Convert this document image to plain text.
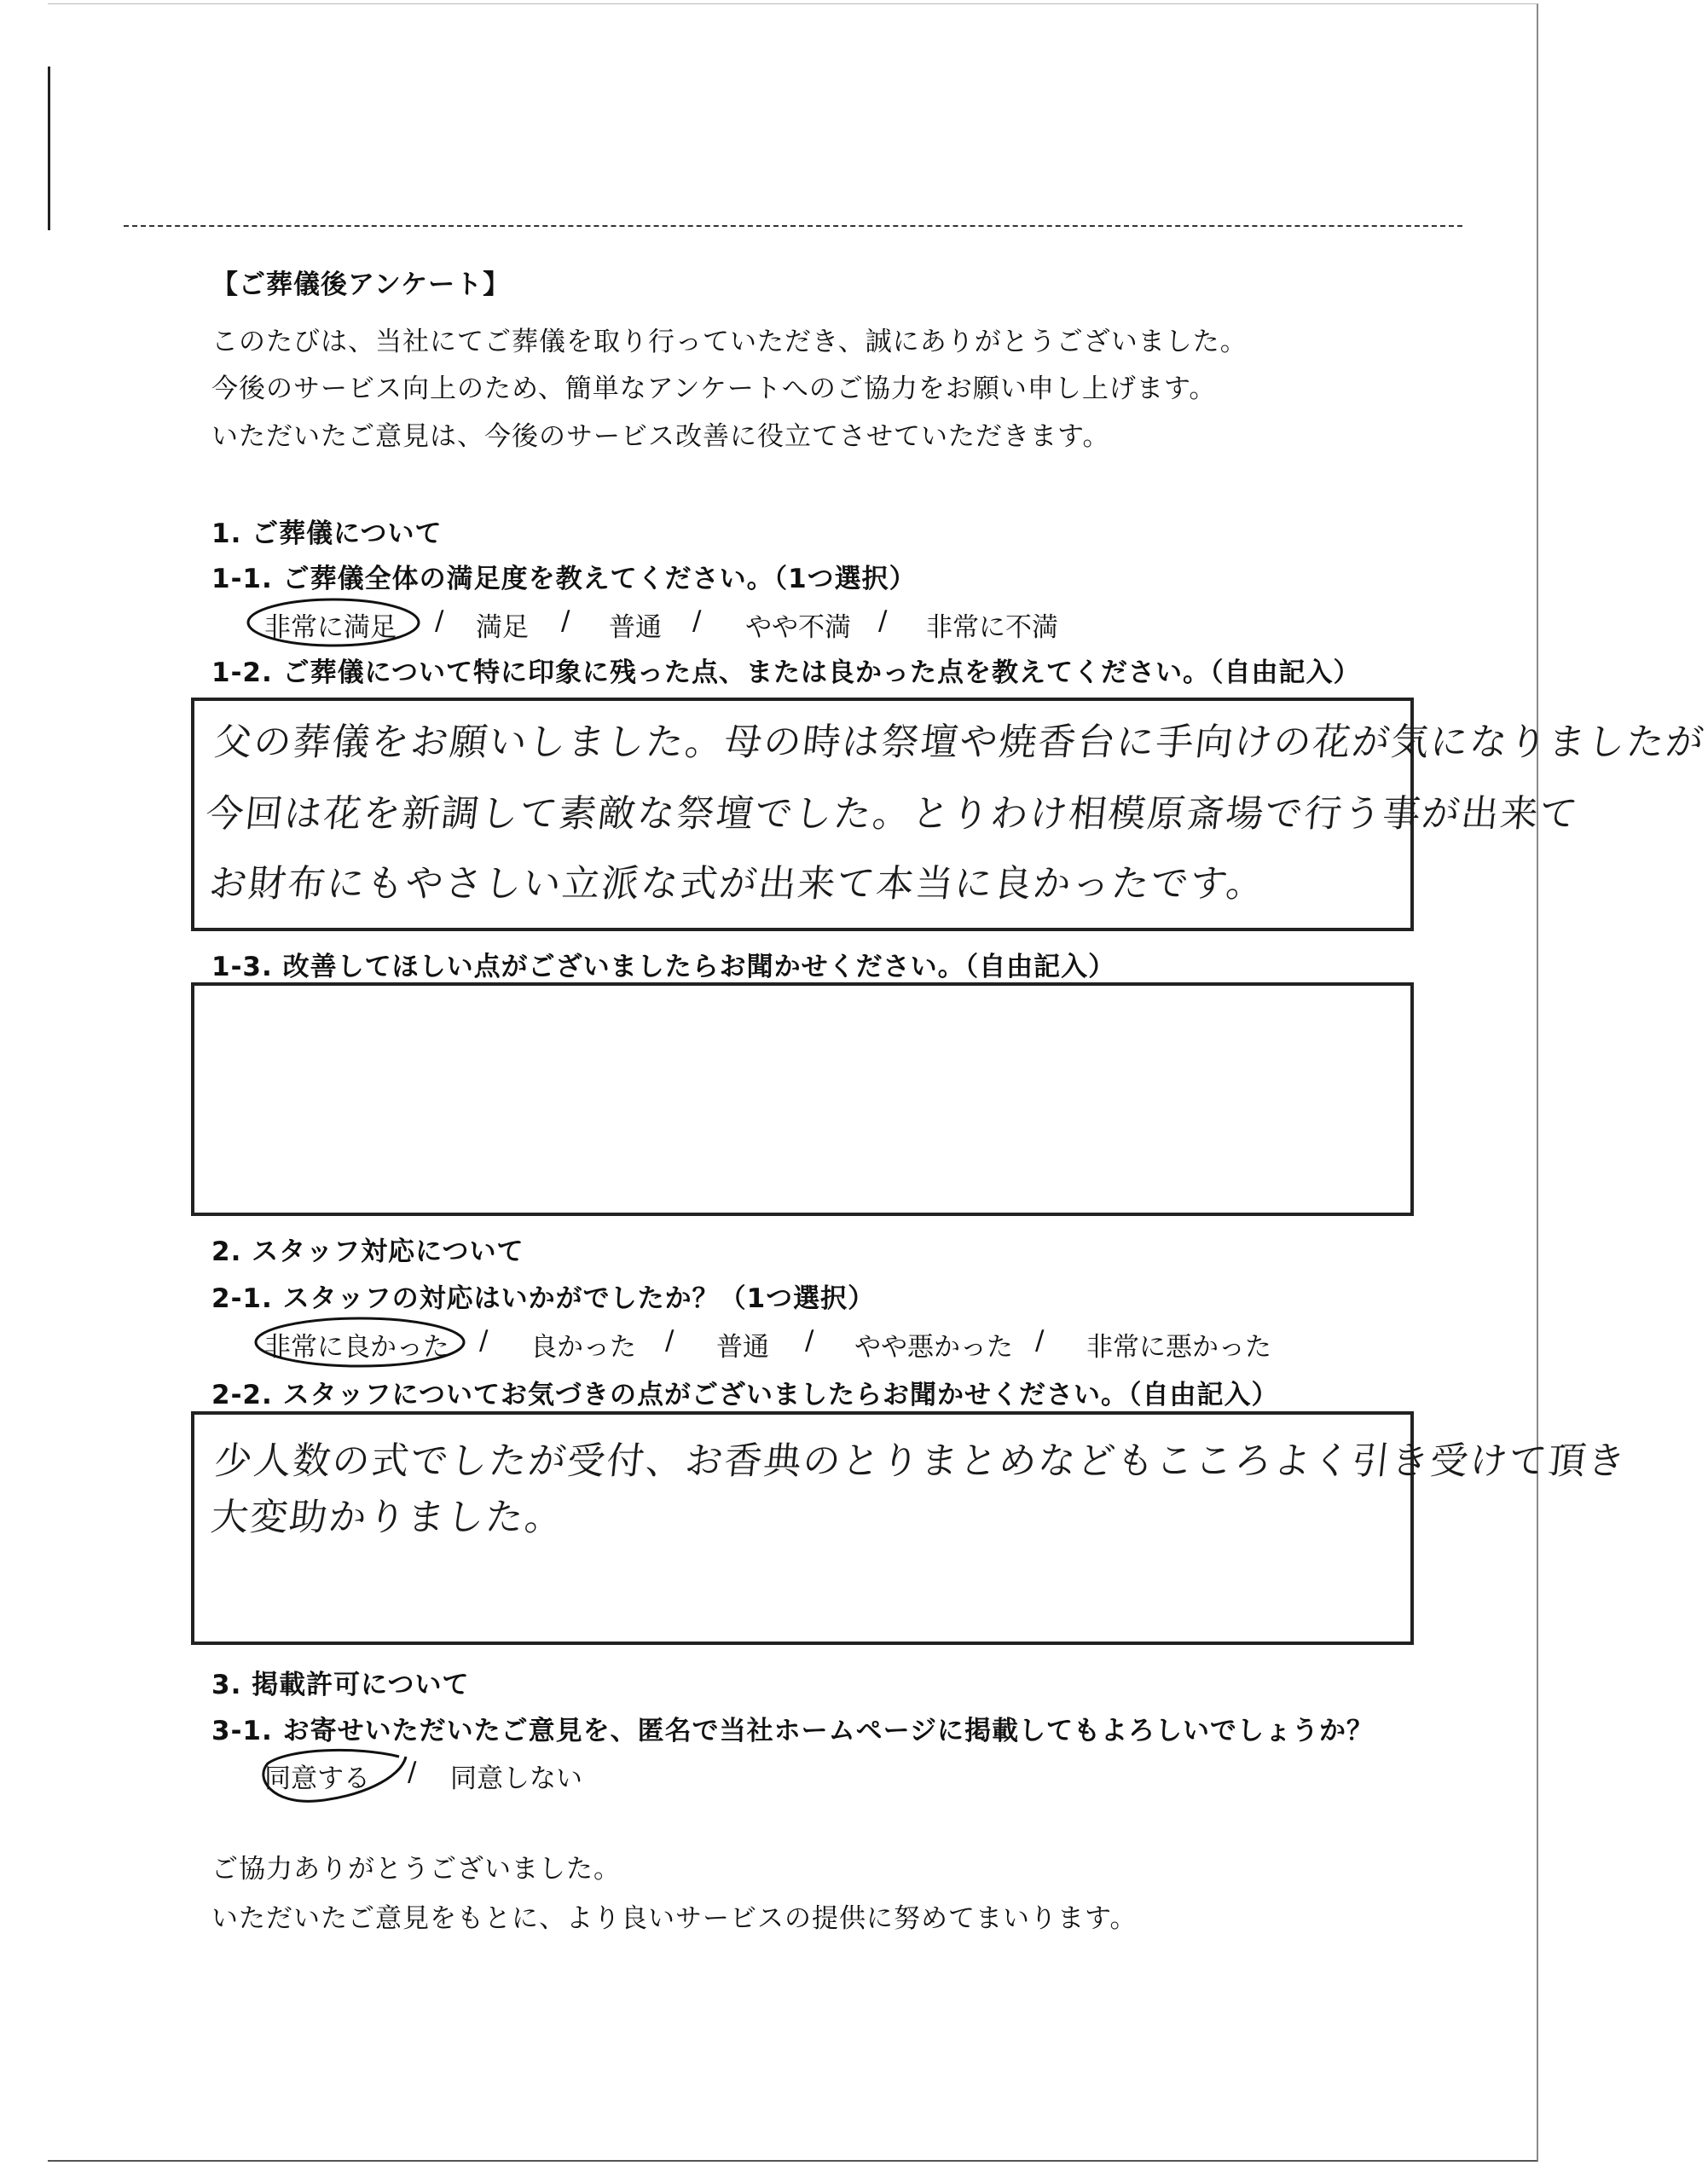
【ご葬儀後アンケート】
このたびは、当社にてご葬儀を取り行っていただき、誠にありがとうございました。
今後のサービス向上のため、簡単なアンケートへのご協力をお願い申し上げます。
いただいたご意見は、今後のサービス改善に役立てさせていただきます。
1. ご葬儀について
1-1. ご葬儀全体の満足度を教えてください。（1つ選択）
非常に満足 / 満足 / 普通 / やや不満 / 非常に不満
1-2. ご葬儀について特に印象に残った点、または良かった点を教えてください。（自由記入）
父の葬儀をお願いしました。母の時は祭壇や焼香台に手向けの花が気になりましたが
今回は花を新調して素敵な祭壇でした。とりわけ相模原斎場で行う事が出来て
お財布にもやさしい立派な式が出来て本当に良かったです。
1-3. 改善してほしい点がございましたらお聞かせください。（自由記入）
2. スタッフ対応について
2-1. スタッフの対応はいかがでしたか？（1つ選択）
非常に良かった / 良かった / 普通 / やや悪かった / 非常に悪かった
2-2. スタッフについてお気づきの点がございましたらお聞かせください。（自由記入）
少人数の式でしたが受付、お香典のとりまとめなどもこころよく引き受けて頂き
大変助かりました。
3. 掲載許可について
3-1. お寄せいただいたご意見を、匿名で当社ホームページに掲載してもよろしいでしょうか？
同意する / 同意しない
ご協力ありがとうございました。
いただいたご意見をもとに、より良いサービスの提供に努めてまいります。
